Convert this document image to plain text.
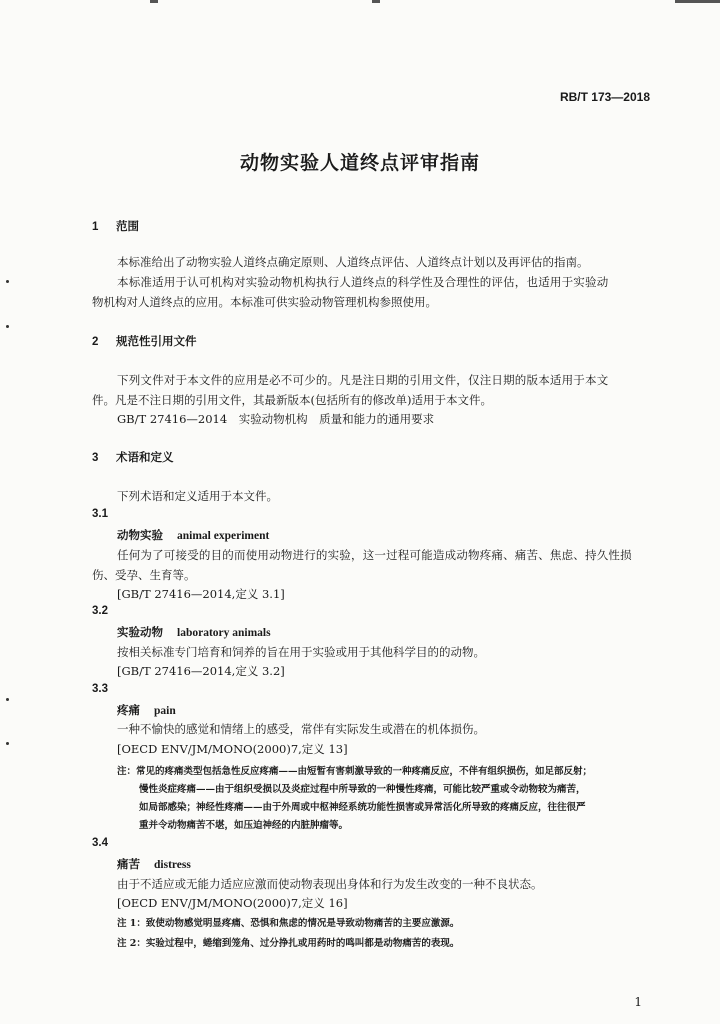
RB/T 173—2018
动物实验人道终点评审指南
1 范围
本标准给出了动物实验人道终点确定原则、人道终点评估、人道终点计划以及再评估的指南。
本标准适用于认可机构对实验动物机构执行人道终点的科学性及合理性的评估，也适用于实验动
物机构对人道终点的应用。本标准可供实验动物管理机构参照使用。
2 规范性引用文件
下列文件对于本文件的应用是必不可少的。凡是注日期的引用文件，仅注日期的版本适用于本文
件。凡是不注日期的引用文件，其最新版本(包括所有的修改单)适用于本文件。
GB/T 27416—2014　实验动物机构　质量和能力的通用要求
3 术语和定义
下列术语和定义适用于本文件。
3.1
动物实验 animal experiment
任何为了可接受的目的而使用动物进行的实验，这一过程可能造成动物疼痛、痛苦、焦虑、持久性损
伤、受孕、生育等。
[GB/T 27416—2014,定义 3.1]
3.2
实验动物 laboratory animals
按相关标准专门培育和饲养的旨在用于实验或用于其他科学目的的动物。
[GB/T 27416—2014,定义 3.2]
3.3
疼痛 pain
一种不愉快的感觉和情绪上的感受，常伴有实际发生或潜在的机体损伤。
[OECD ENV/JM/MONO(2000)7,定义 13]
注：常见的疼痛类型包括急性反应疼痛——由短暂有害刺激导致的一种疼痛反应，不伴有组织损伤，如足部反射；
慢性炎症疼痛——由于组织受损以及炎症过程中所导致的一种慢性疼痛，可能比较严重或令动物较为痛苦，
如局部感染；神经性疼痛——由于外周或中枢神经系统功能性损害或异常活化所导致的疼痛反应，往往很严
重并令动物痛苦不堪，如压迫神经的内脏肿瘤等。
3.4
痛苦 distress
由于不适应或无能力适应应激而使动物表现出身体和行为发生改变的一种不良状态。
[OECD ENV/JM/MONO(2000)7,定义 16]
注 1：致使动物感觉明显疼痛、恐惧和焦虑的情况是导致动物痛苦的主要应激源。
注 2：实验过程中，蜷缩到笼角、过分挣扎或用药时的鸣叫都是动物痛苦的表现。
1
